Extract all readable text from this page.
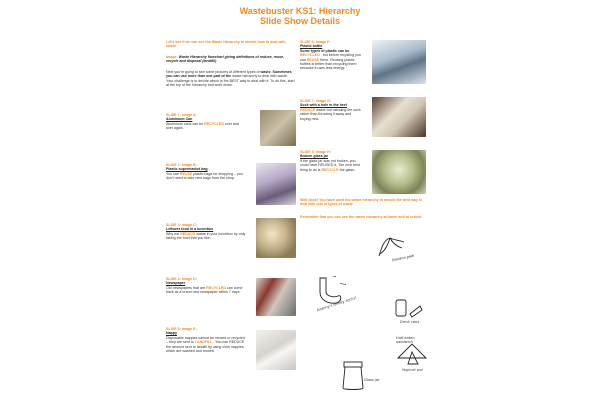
Wastebuster KS1: Hierarchy
Slide Show Details
Let's see if we can see the Waste Hierarchy to decide how to deal with waste.
Image: Waste Hierarchy flowchart giving definitions of reduce, reuse, recycle and disposal (landfill)
Next you're going to see some pictures of different types of waste. Sometimes you can use more than one part of the waste hierarchy to deal with waste. Your challenge is to decide which is the BEST way to deal with it. To do this, start at the top of the hierarchy and work down.
SLIDE 1: Image A:
Aluminium Can
Aluminium cans can be RECYCLED over and over again.
SLIDE 2: Image B:
Plastic supermarket bag
You can REUSE plastic bags for shopping – you don't need to take new bags from the shop.
SLIDE 3: Image C:
Leftover food in a lunchbox
Why not REDUCE waste in your lunchbox by only taking the food that you like.
SLIDE 4: Image D:
Newspaper
Old newspapers that are RECYCLED can come back as a brand new newspaper within 7 days.
SLIDE 5: Image E:
Nappy
Disposable nappies cannot be reused or recycled – they are sent to LANDFILL . You can REDUCE the amount sent to landfill by using cloth nappies, which are washed and reused.
SLIDE 6: Image F:
Plastic bottle
Some types of plastic can be RECYCLED , but before recycling you can REUSE them. Reusing plastic bottles is better than recycling them because it uses less energy.
SLIDE 7: Image G:
Sock with a hole in the heel
REDUCE waste but mending the sock rather than throwing it away and buying new.
SLIDE 8: Image H:
Broken glass jar
If the glass jar was not broken, you could have REUSED it. The next best thing to do is RECYCLE the glass.
Well done! You have used the waste hierarchy to decide the best way to deal with lots of types of waste.
Remember that you can use the waste hierarchy at home and at school.
Banana peel
Granny's smelly socks!
Drink cans
Glass jar
Half eaten sandwich
Yoghurt pot
